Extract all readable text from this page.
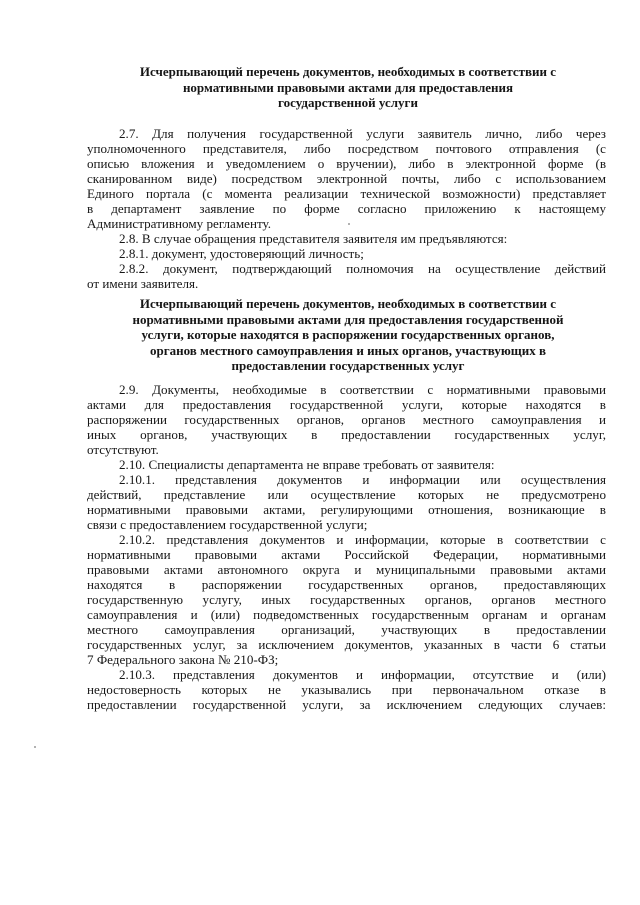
Исчерпывающий перечень документов, необходимых в соответствии с
нормативными правовыми актами для предоставления
государственной услуги
2.7. Для получения государственной услуги заявитель лично, либо через
уполномоченного представителя, либо посредством почтового отправления (с
описью вложения и уведомлением о вручении), либо в электронной форме (в
сканированном виде) посредством электронной почты, либо с использованием
Единого портала (с момента реализации технической возможности) представляет
в департамент заявление по форме согласно приложению к настоящему
Административному регламенту.
2.8. В случае обращения представителя заявителя им предъявляются:
2.8.1. документ, удостоверяющий личность;
2.8.2. документ, подтверждающий полномочия на осуществление действий
от имени заявителя.
Исчерпывающий перечень документов, необходимых в соответствии с
нормативными правовыми актами для предоставления государственной
услуги, которые находятся в распоряжении государственных органов,
органов местного самоуправления и иных органов, участвующих в
предоставлении государственных услуг
2.9. Документы, необходимые в соответствии с нормативными правовыми
актами для предоставления государственной услуги, которые находятся в
распоряжении государственных органов, органов местного самоуправления и
иных органов, участвующих в предоставлении государственных услуг,
отсутствуют.
2.10. Специалисты департамента не вправе требовать от заявителя:
2.10.1. представления документов и информации или осуществления
действий, представление или осуществление которых не предусмотрено
нормативными правовыми актами, регулирующими отношения, возникающие в
связи с предоставлением государственной услуги;
2.10.2. представления документов и информации, которые в соответствии с
нормативными правовыми актами Российской Федерации, нормативными
правовыми актами автономного округа и муниципальными правовыми актами
находятся в распоряжении государственных органов, предоставляющих
государственную услугу, иных государственных органов, органов местного
самоуправления и (или) подведомственных государственным органам и органам
местного самоуправления организаций, участвующих в предоставлении
государственных услуг, за исключением документов, указанных в части 6 статьи
7 Федерального закона № 210-ФЗ;
2.10.3. представления документов и информации, отсутствие и (или)
недостоверность которых не указывались при первоначальном отказе в
предоставлении государственной услуги, за исключением следующих случаев:
